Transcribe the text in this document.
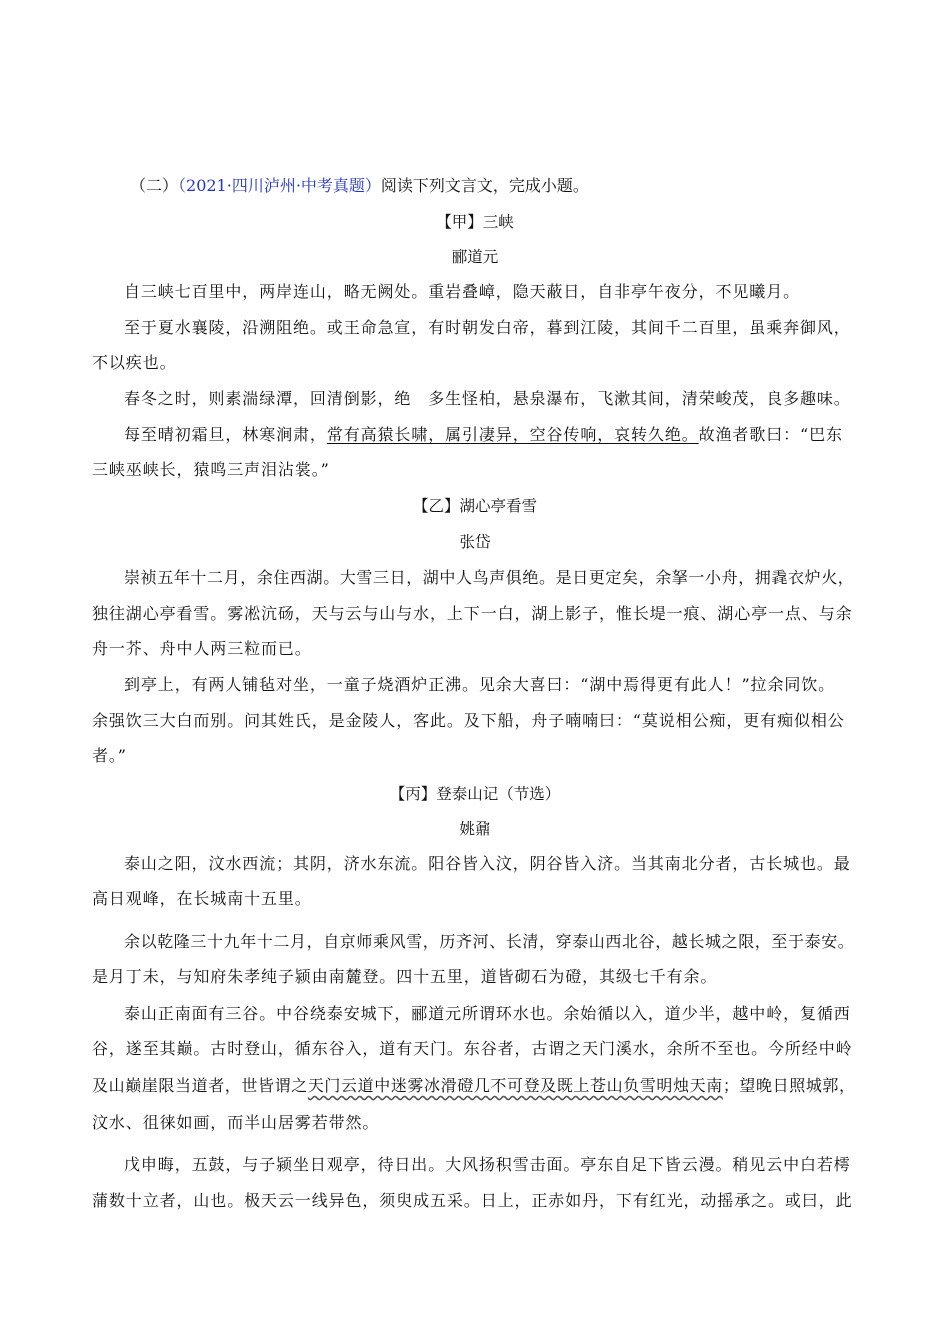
（二）（2021·四川泸州·中考真题）阅读下列文言文，完成小题。
【甲】三峡
郦道元
自三峡七百里中，两岸连山，略无阙处。重岩叠嶂，隐天蔽日，自非亭午夜分，不见曦月。
至于夏水襄陵，沿溯阻绝。或王命急宣，有时朝发白帝，暮到江陵，其间千二百里，虽乘奔御风，
不以疾也。
春冬之时，则素湍绿潭，回清倒影，绝　多生怪柏，悬泉瀑布，飞漱其间，清荣峻茂，良多趣味。
每至晴初霜旦，林寒涧肃，常有高猿长啸，属引凄异，空谷传响，哀转久绝。故渔者歌曰：“巴东
三峡巫峡长，猿鸣三声泪沾裳。”
【乙】湖心亭看雪
张岱
崇祯五年十二月，余住西湖。大雪三日，湖中人鸟声俱绝。是日更定矣，余拏一小舟，拥毳衣炉火，
独往湖心亭看雪。雾凇沆砀，天与云与山与水，上下一白，湖上影子，惟长堤一痕、湖心亭一点、与余
舟一芥、舟中人两三粒而已。
到亭上，有两人铺毡对坐，一童子烧酒炉正沸。见余大喜曰：“湖中焉得更有此人！”拉余同饮。
余强饮三大白而别。问其姓氏，是金陵人，客此。及下船，舟子喃喃曰：“莫说相公痴，更有痴似相公
者。”
【丙】登泰山记（节选）
姚鼐
泰山之阳，汶水西流；其阴，济水东流。阳谷皆入汶，阴谷皆入济。当其南北分者，古长城也。最
高日观峰，在长城南十五里。
余以乾隆三十九年十二月，自京师乘风雪，历齐河、长清，穿泰山西北谷，越长城之限，至于泰安。
是月丁未，与知府朱孝纯子颍由南麓登。四十五里，道皆砌石为磴，其级七千有余。
泰山正南面有三谷。中谷绕泰安城下，郦道元所谓环水也。余始循以入，道少半，越中岭，复循西
谷，遂至其巅。古时登山，循东谷入，道有天门。东谷者，古谓之天门溪水，余所不至也。今所经中岭
及山巅崖限当道者，世皆谓之天门云道中迷雾冰滑磴几不可登及既上苍山负雪明烛天南；望晚日照城郭，
汶水、徂徕如画，而半山居雾若带然。
戊申晦，五鼓，与子颍坐日观亭，待日出。大风扬积雪击面。亭东自足下皆云漫。稍见云中白若樗
蒲数十立者，山也。极天云一线异色，须臾成五采。日上，正赤如丹，下有红光，动摇承之。或曰，此
